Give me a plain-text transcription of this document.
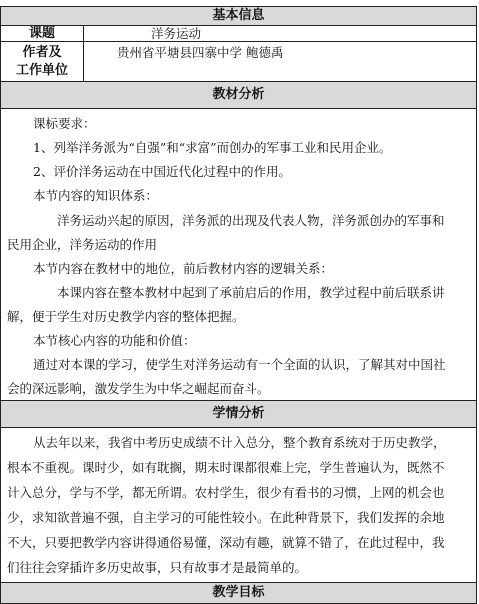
基本信息
课题	洋务运动
作者及
工作单位
贵州省平塘县四寨中学 鲍德禹
教材分析
课标要求：
1、列举洋务派为“自强”和“求富”而创办的军事工业和民用企业。
2、评价洋务运动在中国近代化过程中的作用。
本节内容的知识体系：
洋务运动兴起的原因，洋务派的出现及代表人物，洋务派创办的军事和
民用企业，洋务运动的作用
本节内容在教材中的地位，前后教材内容的逻辑关系：
本课内容在整本教材中起到了承前启后的作用，教学过程中前后联系讲
解，便于学生对历史教学内容的整体把握。
本节核心内容的功能和价值：
通过对本课的学习，使学生对洋务运动有一个全面的认识，了解其对中国社
会的深远影响，激发学生为中华之崛起而奋斗。
学情分析
从去年以来，我省中考历史成绩不计入总分，整个教育系统对于历史教学，
根本不重视。课时少，如有耽搁，期末时课都很难上完，学生普遍认为，既然不
计入总分，学与不学，都无所谓。农村学生，很少有看书的习惯，上网的机会也
少，求知欲普遍不强，自主学习的可能性较小。在此种背景下，我们发挥的余地
不大，只要把教学内容讲得通俗易懂，深动有趣，就算不错了，在此过程中，我
们往往会穿插许多历史故事，只有故事才是最简单的。
教学目标
